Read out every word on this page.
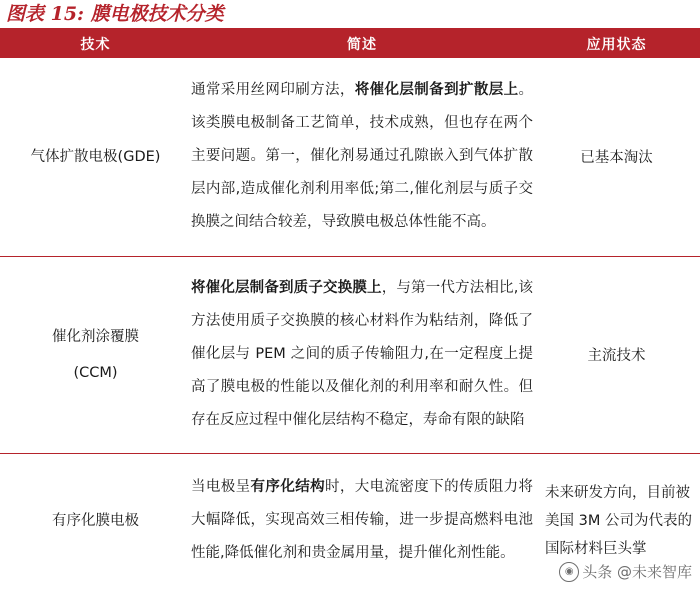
图表 15: 膜电极技术分类
技术	简述	应用状态
气体扩散电极(GDE)	通常采用丝网印刷方法，将催化层制备到扩散层上。该类膜电极制备工艺简单，技术成熟，但也存在两个主要问题。第一，催化剂易通过孔隙嵌入到气体扩散层内部,造成催化剂利用率低;第二,催化剂层与质子交换膜之间结合较差，导致膜电极总体性能不高。	已基本淘汰

催化剂涂覆膜
(CCM)	将催化层制备到质子交换膜上，与第一代方法相比,该方法使用质子交换膜的核心材料作为粘结剂，降低了催化层与 PEM 之间的质子传输阻力,在一定程度上提高了膜电极的性能以及催化剂的利用率和耐久性。但存在反应过程中催化层结构不稳定，寿命有限的缺陷	主流技术
有序化膜电极	当电极呈有序化结构时，大电流密度下的传质阻力将大幅降低，实现高效三相传输，进一步提高燃料电池性能,降低催化剂和贵金属用量，提升催化剂性能。	未来研发方向，目前被美国 3M 公司为代表的国际材料巨头掌
◉ 头条 @未来智库
